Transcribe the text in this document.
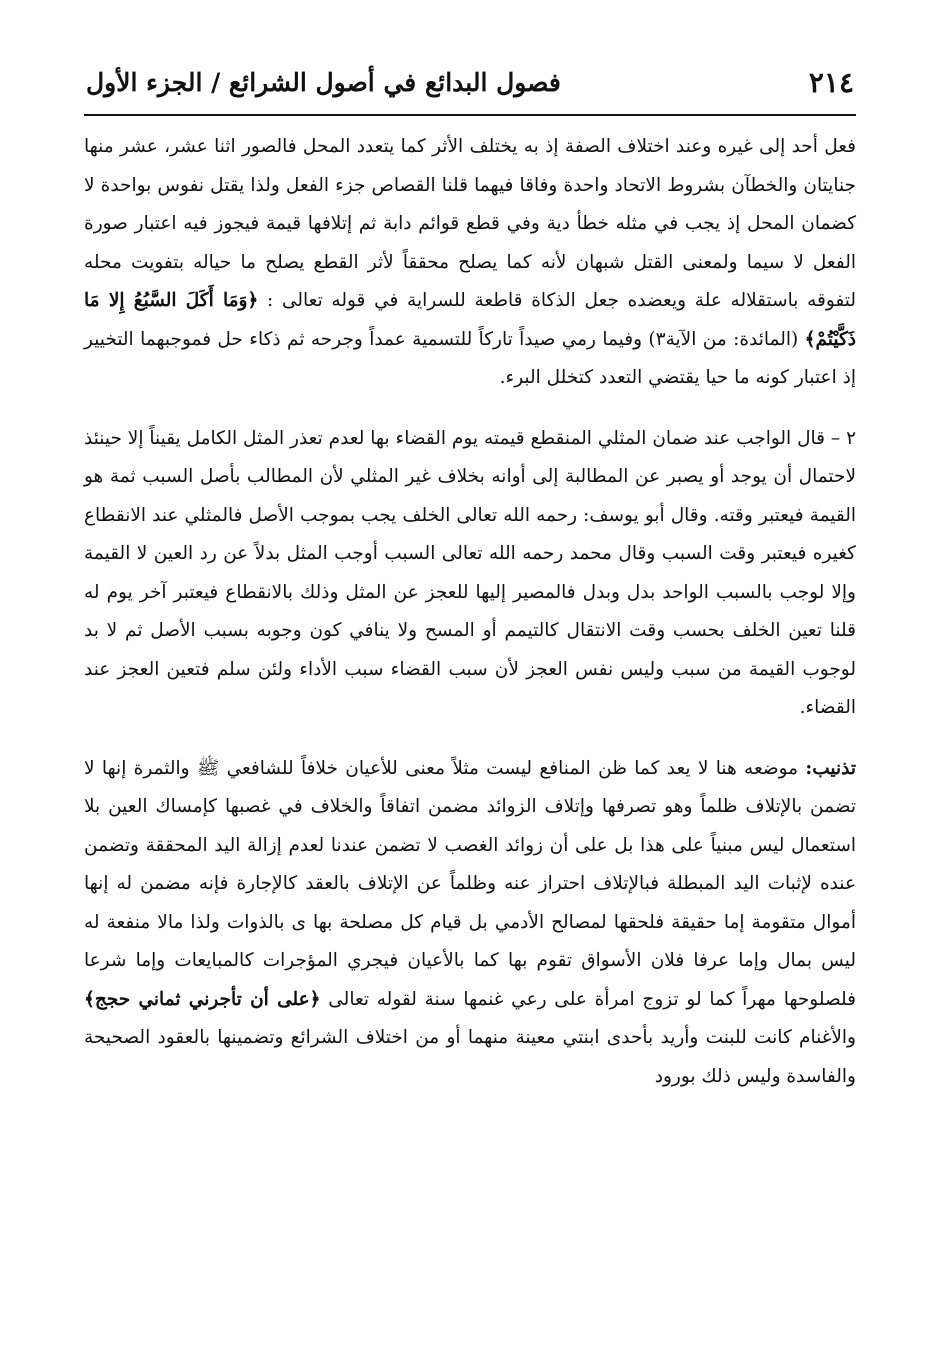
٢١٤
فصول البدائع في أصول الشرائع / الجزء الأول

فعل أحد إلى غيره وعند اختلاف الصفة إذ به يختلف الأثر كما يتعدد المحل فالصور اثنا عشر، عشر منها جنايتان والخطآن بشروط الاتحاد واحدة وفاقا فيهما قلنا القصاص جزء الفعل ولذا يقتل نفوس بواحدة لا كضمان المحل إذ يجب في مثله خطأ دية وفي قطع قوائم دابة ثم إتلافها قيمة فيجوز فيه اعتبار صورة الفعل لا سيما ولمعنى القتل شبهان لأنه كما يصلح محققاً لأثر القطع يصلح ما حياله بتفويت محله لتفوقه باستقلاله علة ويعضده جعل الذكاة قاطعة للسراية في قوله تعالى : ﴿وَمَا أَكَلَ السَّبُعُ إِلا مَا ذَكَّيْتُمْ﴾ (المائدة: من الآية٣) وفيما رمي صيداً تاركاً للتسمية عمداً وجرحه ثم ذكاء حل فموجبهما التخيير إذ اعتبار كونه ما حيا يقتضي التعدد كتخلل البرء.

٢ – قال الواجب عند ضمان المثلي المنقطع قيمته يوم القضاء بها لعدم تعذر المثل الكامل يقيناً إلا حينئذ لاحتمال أن يوجد أو يصبر عن المطالبة إلى أوانه بخلاف غير المثلي لأن المطالب بأصل السبب ثمة هو القيمة فيعتبر وقته. وقال أبو يوسف: رحمه الله تعالى الخلف يجب بموجب الأصل فالمثلي عند الانقطاع كغيره فيعتبر وقت السبب وقال محمد رحمه الله تعالى السبب أوجب المثل بدلاً عن رد العين لا القيمة وإلا لوجب بالسبب الواحد بدل وبدل فالمصير إليها للعجز عن المثل وذلك بالانقطاع فيعتبر آخر يوم له قلنا تعين الخلف بحسب وقت الانتقال كالتيمم أو المسح ولا ينافي كون وجوبه بسبب الأصل ثم لا بد لوجوب القيمة من سبب وليس نفس العجز لأن سبب القضاء سبب الأداء ولئن سلم فتعين العجز عند القضاء.

تذنيب: موضعه هنا لا يعد كما ظن المنافع ليست مثلاً معنى للأعيان خلافاً للشافعي ﷺ والثمرة إنها لا تضمن بالإتلاف ظلماً وهو تصرفها وإتلاف الزوائد مضمن اتفاقاً والخلاف في غصبها كإمساك العين بلا استعمال ليس مبنياً على هذا بل على أن زوائد الغصب لا تضمن عندنا لعدم إزالة اليد المحققة وتضمن عنده لإثبات اليد المبطلة فبالإتلاف احتراز عنه وظلماً عن الإتلاف بالعقد كالإجارة فإنه مضمن له إنها أموال متقومة إما حقيقة فلحقها لمصالح الأدمي بل قيام كل مصلحة بها ى بالذوات ولذا مالا منفعة له ليس بمال وإما عرفا فلان الأسواق تقوم بها كما بالأعيان فيجري المؤجرات كالمبايعات وإما شرعا فلصلوحها مهراً كما لو تزوج امرأة على رعي غنمها سنة لقوله تعالى ﴿على أن تأجرني ثماني حجج﴾ والأغنام كانت للبنت وأريد بأحدى ابنتي معينة منهما أو من اختلاف الشرائع وتضمينها بالعقود الصحيحة والفاسدة وليس ذلك بورود
